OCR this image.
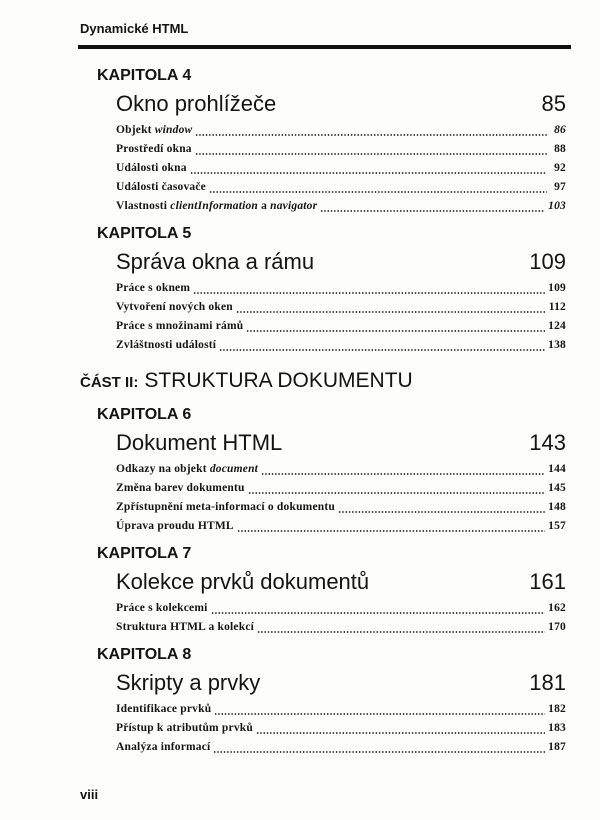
Dynamické HTML
KAPITOLA 4
Okno prohlížeče	85
Objekt window	86
Prostředí okna	88
Události okna	92
Události časovače	97
Vlastnosti clientInformation a navigator	103
KAPITOLA 5
Správa okna a rámu	109
Práce s oknem	109
Vytvoření nových oken	112
Práce s množinami rámů	124
Zvláštnosti událostí	138
ČÁST II: STRUKTURA DOKUMENTU
KAPITOLA 6
Dokument HTML	143
Odkazy na objekt document	144
Změna barev dokumentu	145
Zpřístupnění meta-informací o dokumentu	148
Úprava proudu HTML	157
KAPITOLA 7
Kolekce prvků dokumentů	161
Práce s kolekcemi	162
Struktura HTML a kolekcí	170
KAPITOLA 8
Skripty a prvky	181
Identifikace prvků	182
Přístup k atributům prvků	183
Analýza informací	187
viii
